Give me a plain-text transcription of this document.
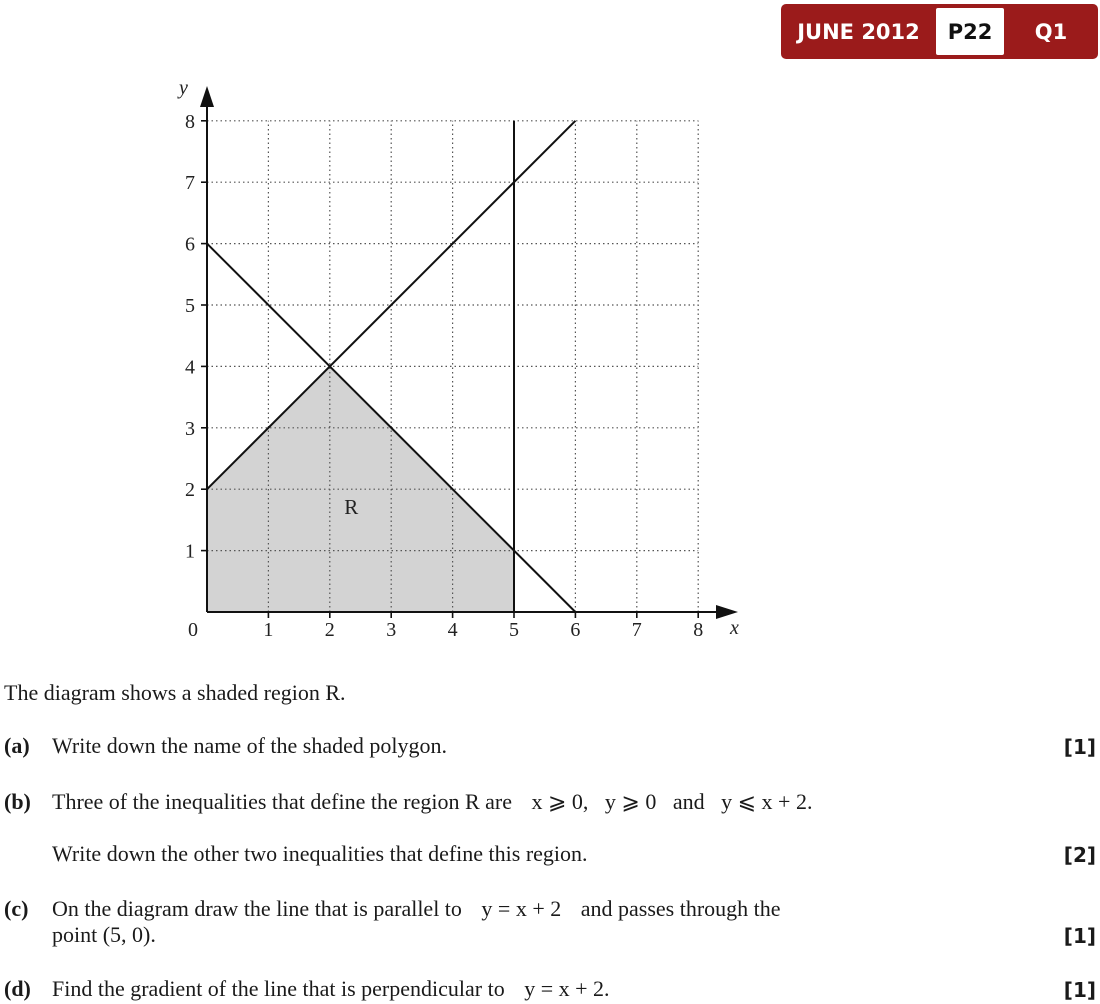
JUNE 2012	P22	Q1
0	1	2	3	4	5	6	7	8
1
2
3
4
5
6
7
8
R
x
y
The diagram shows a shaded region R.
(a) Write down the name of the shaded polygon.	[1]
(b) Three of the inequalities that define the region R are x ⩾ 0,   y ⩾ 0   and   y ⩽ x + 2.
Write down the other two inequalities that define this region.	[2]
(c) On the diagram draw the line that is parallel to y = x + 2 and passes through the
point (5, 0).	[1]
(d) Find the gradient of the line that is perpendicular to y = x + 2.	[1]
